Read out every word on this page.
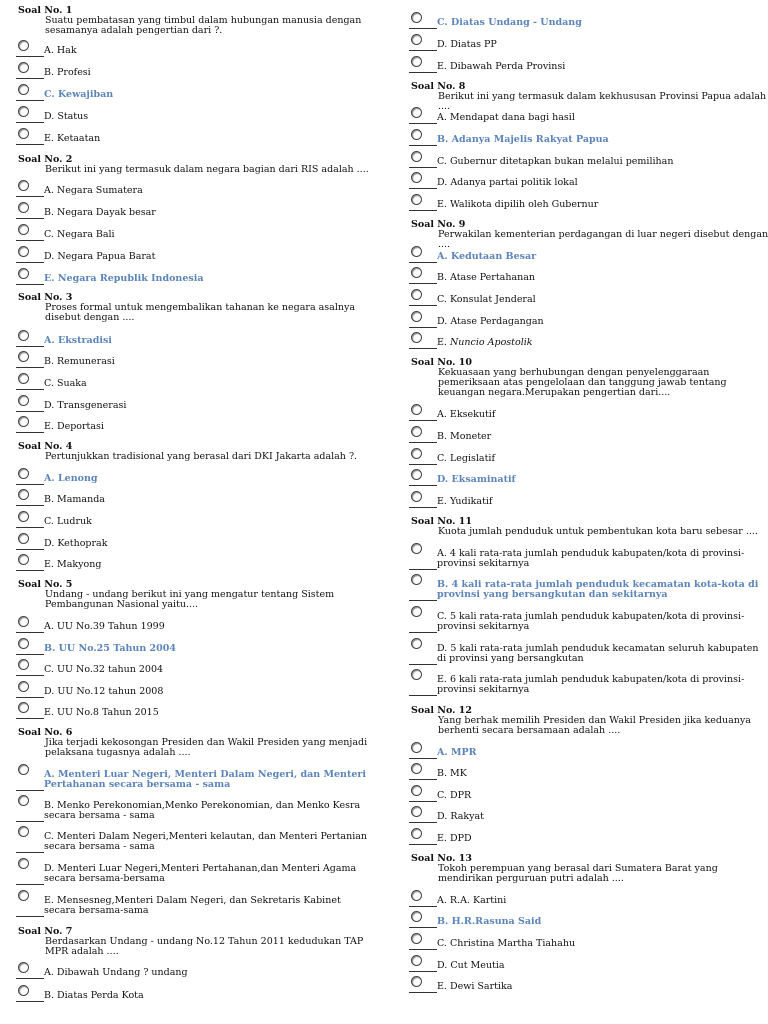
Soal No. 1
Suatu pembatasan yang timbul dalam hubungan manusia dengan sesamanya adalah pengertian dari ?.
A. Hak
B. Profesi
C. Kewajiban
D. Status
E. Ketaatan
Soal No. 2
Berikut ini yang termasuk dalam negara bagian dari RIS adalah ....
A. Negara Sumatera
B. Negara Dayak besar
C. Negara Bali
D. Negara Papua Barat
E. Negara Republik Indonesia
Soal No. 3
Proses formal untuk mengembalikan tahanan ke negara asalnya disebut dengan ....
A. Ekstradisi
B. Remunerasi
C. Suaka
D. Transgenerasi
E. Deportasi
Soal No. 4
Pertunjukkan tradisional yang berasal dari DKI Jakarta adalah ?.
A. Lenong
B. Mamanda
C. Ludruk
D. Kethoprak
E. Makyong
Soal No. 5
Undang - undang berikut ini yang mengatur tentang Sistem Pembangunan Nasional yaitu....
A. UU No.39 Tahun 1999
B. UU No.25 Tahun 2004
C. UU No.32 tahun 2004
D. UU No.12 tahun 2008
E. UU No.8 Tahun 2015
Soal No. 6
Jika terjadi kekosongan Presiden dan Wakil Presiden yang menjadi pelaksana tugasnya adalah ....
A. Menteri Luar Negeri, Menteri Dalam Negeri, dan Menteri Pertahanan secara bersama - sama
B. Menko Perekonomian,Menko Perekonomian, dan Menko Kesra secara bersama - sama
C. Menteri Dalam Negeri,Menteri kelautan, dan Menteri Pertanian secara bersama - sama
D. Menteri Luar Negeri,Menteri Pertahanan,dan Menteri Agama secara bersama-bersama
E. Mensesneg,Menteri Dalam Negeri, dan Sekretaris Kabinet secara bersama-sama
Soal No. 7
Berdasarkan Undang - undang No.12 Tahun 2011 kedudukan TAP MPR adalah ....
A. Dibawah Undang ? undang
B. Diatas Perda Kota
C. Diatas Undang - Undang
D. Diatas PP
E. Dibawah Perda Provinsi
Soal No. 8
Berikut ini yang termasuk dalam kekhususan Provinsi Papua adalah ....
A. Mendapat dana bagi hasil
B. Adanya Majelis Rakyat Papua
C. Gubernur ditetapkan bukan melalui pemilihan
D. Adanya partai politik lokal
E. Walikota dipilih oleh Gubernur
Soal No. 9
Perwakilan kementerian perdagangan di luar negeri disebut dengan ....
A. Kedutaan Besar
B. Atase Pertahanan
C. Konsulat Jenderal
D. Atase Perdagangan
E. Nuncio Apostolik
Soal No. 10
Kekuasaan yang berhubungan dengan penyelenggaraan pemeriksaan atas pengelolaan dan tanggung jawab tentang keuangan negara.Merupakan pengertian dari....
A. Eksekutif
B. Moneter
C. Legislatif
D. Eksaminatif
E. Yudikatif
Soal No. 11
Kuota jumlah penduduk untuk pembentukan kota baru sebesar ....
A. 4 kali rata-rata jumlah penduduk kabupaten/kota di provinsi-provinsi sekitarnya
B. 4 kali rata-rata jumlah penduduk kecamatan kota-kota di provinsi yang bersangkutan dan sekitarnya
C. 5 kali rata-rata jumlah penduduk kabupaten/kota di provinsi-provinsi sekitarnya
D. 5 kali rata-rata jumlah penduduk kecamatan seluruh kabupaten di provinsi yang bersangkutan
E. 6 kali rata-rata jumlah penduduk kabupaten/kota di provinsi-provinsi sekitarnya
Soal No. 12
Yang berhak memilih Presiden dan Wakil Presiden jika keduanya berhenti secara bersamaan adalah ....
A. MPR
B. MK
C. DPR
D. Rakyat
E. DPD
Soal No. 13
Tokoh perempuan yang berasal dari Sumatera Barat yang mendirikan perguruan putri adalah ....
A. R.A. Kartini
B. H.R.Rasuna Said
C. Christina Martha Tiahahu
D. Cut Meutia
E. Dewi Sartika
